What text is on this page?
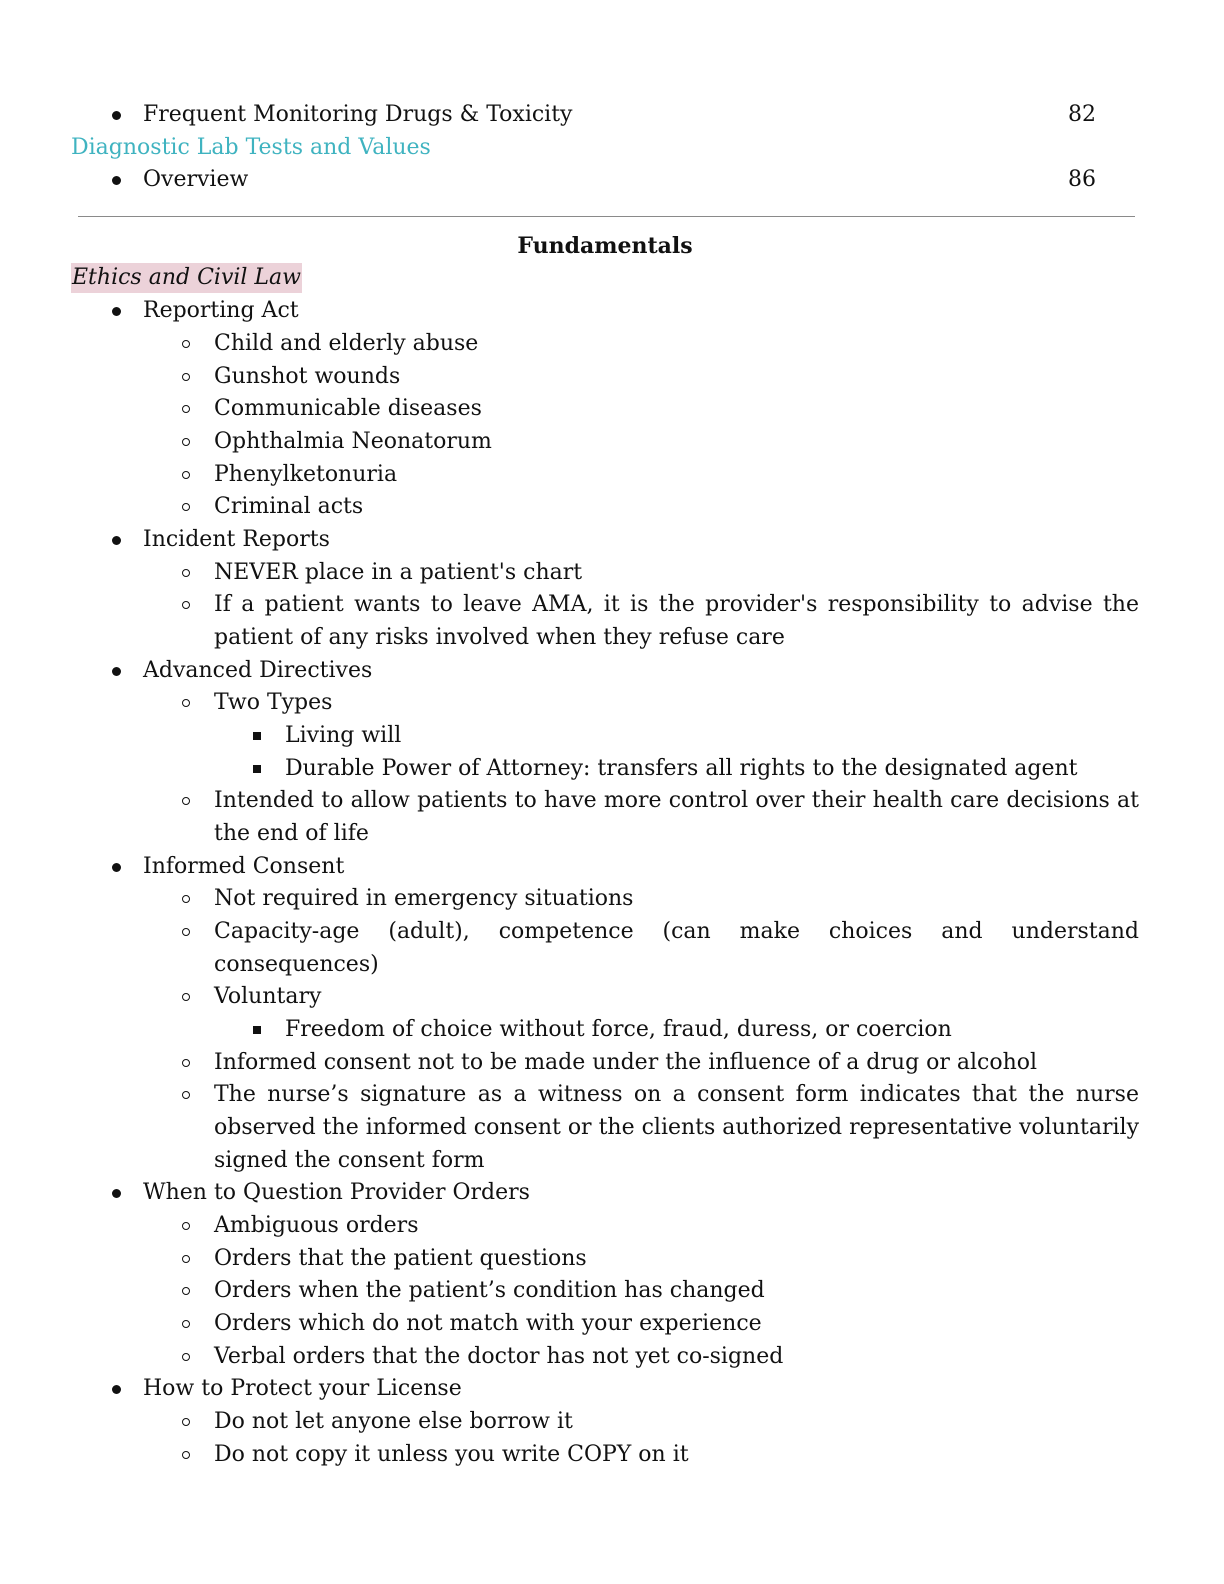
Frequent Monitoring Drugs & Toxicity	82
Diagnostic Lab Tests and Values
Overview	86
Fundamentals
Ethics and Civil Law
Reporting Act
Child and elderly abuse
Gunshot wounds
Communicable diseases
Ophthalmia Neonatorum
Phenylketonuria
Criminal acts
Incident Reports
NEVER place in a patient's chart
If a patient wants to leave AMA, it is the provider's responsibility to advise the
patient of any risks involved when they refuse care
Advanced Directives
Two Types
Living will
Durable Power of Attorney: transfers all rights to the designated agent
Intended to allow patients to have more control over their health care decisions at
the end of life
Informed Consent
Not required in emergency situations
Capacity-age (adult), competence (can make choices and understand
consequences)
Voluntary
Freedom of choice without force, fraud, duress, or coercion
Informed consent not to be made under the influence of a drug or alcohol
The nurse’s signature as a witness on a consent form indicates that the nurse
observed the informed consent or the clients authorized representative voluntarily
signed the consent form
When to Question Provider Orders
Ambiguous orders
Orders that the patient questions
Orders when the patient’s condition has changed
Orders which do not match with your experience
Verbal orders that the doctor has not yet co-signed
How to Protect your License
Do not let anyone else borrow it
Do not copy it unless you write COPY on it
